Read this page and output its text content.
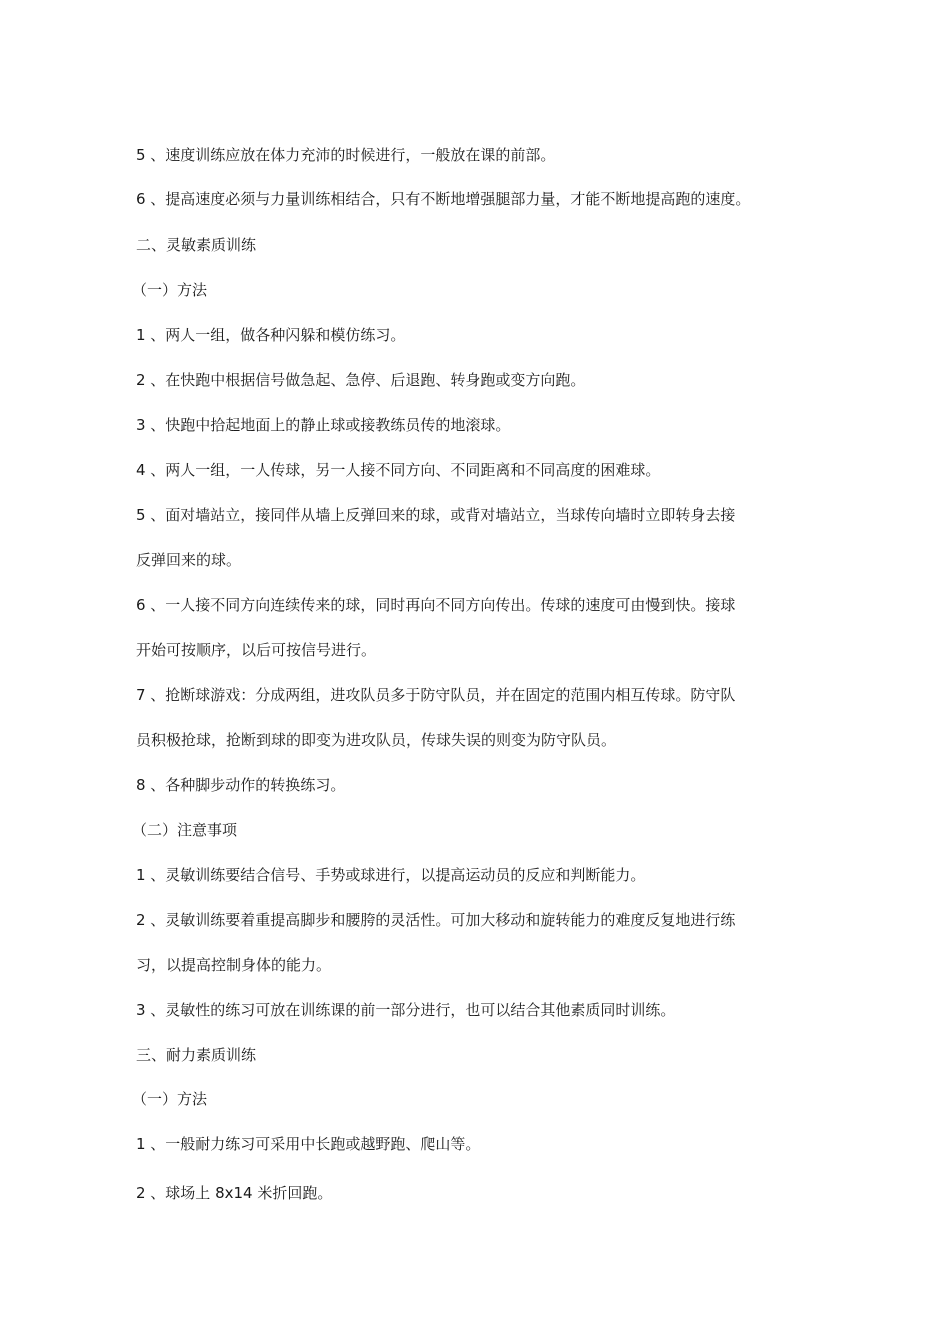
5 、速度训练应放在体力充沛的时候进行，一般放在课的前部。
6 、提高速度必须与力量训练相结合，只有不断地增强腿部力量，才能不断地提高跑的速度。
二、灵敏素质训练
（一）方法
1 、两人一组，做各种闪躲和模仿练习。
2 、在快跑中根据信号做急起、急停、后退跑、转身跑或变方向跑。
3 、快跑中拾起地面上的静止球或接教练员传的地滚球。
4 、两人一组，一人传球，另一人接不同方向、不同距离和不同高度的困难球。
5 、面对墙站立，接同伴从墙上反弹回来的球，或背对墙站立，当球传向墙时立即转身去接
反弹回来的球。
6 、一人接不同方向连续传来的球，同时再向不同方向传出。传球的速度可由慢到快。接球
开始可按顺序，以后可按信号进行。
7 、抢断球游戏：分成两组，进攻队员多于防守队员，并在固定的范围内相互传球。防守队
员积极抢球，抢断到球的即变为进攻队员，传球失误的则变为防守队员。
8 、各种脚步动作的转换练习。
（二）注意事项
1 、灵敏训练要结合信号、手势或球进行，以提高运动员的反应和判断能力。
2 、灵敏训练要着重提高脚步和腰胯的灵活性。可加大移动和旋转能力的难度反复地进行练
习，以提高控制身体的能力。
3 、灵敏性的练习可放在训练课的前一部分进行，也可以结合其他素质同时训练。
三、耐力素质训练
（一）方法
1 、一般耐力练习可采用中长跑或越野跑、爬山等。
2 、球场上 8x14 米折回跑。
